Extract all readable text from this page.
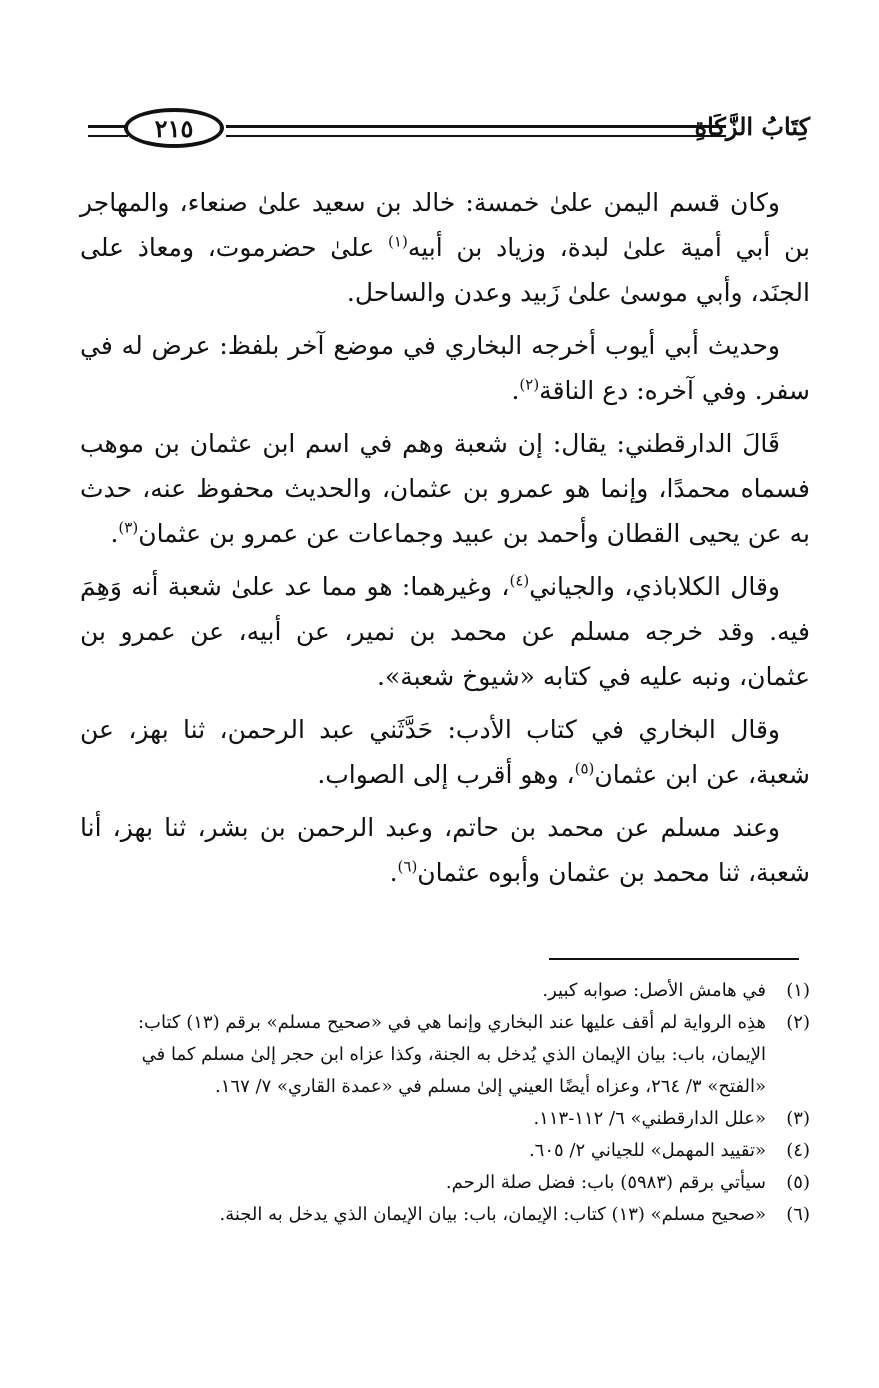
كِتَابُ الزَّكَاةِ
٢١٥

وكان قسم اليمن علىٰ خمسة: خالد بن سعيد علىٰ صنعاء، والمهاجر بن أبي أمية علىٰ لبدة، وزياد بن أبيه$^{(١)}$ علىٰ حضرموت، ومعاذ على الجنَد، وأبي موسىٰ علىٰ زَبيد وعدن والساحل.

وحديث أبي أيوب أخرجه البخاري في موضع آخر بلفظ: عرض له في سفر. وفي آخره: دع الناقة$^{(٢)}$.

قَالَ الدارقطني: يقال: إن شعبة وهم في اسم ابن عثمان بن موهب فسماه محمدًا، وإنما هو عمرو بن عثمان، والحديث محفوظ عنه، حدث به عن يحيى القطان وأحمد بن عبيد وجماعات عن عمرو بن عثمان$^{(٣)}$.

وقال الكلاباذي، والجياني$^{(٤)}$، وغيرهما: هو مما عد علىٰ شعبة أنه وَهِمَ فيه. وقد خرجه مسلم عن محمد بن نمير، عن أبيه، عن عمرو بن عثمان، ونبه عليه في كتابه «شيوخ شعبة».

وقال البخاري في كتاب الأدب: حَدَّثَني عبد الرحمن، ثنا بهز، عن شعبة، عن ابن عثمان$^{(٥)}$، وهو أقرب إلى الصواب.

وعند مسلم عن محمد بن حاتم، وعبد الرحمن بن بشر، ثنا بهز، أنا شعبة، ثنا محمد بن عثمان وأبوه عثمان$^{(٦)}$.

(١)
في هامش الأصل: صوابه كبير.

(٢)
هذِه الرواية لم أقف عليها عند البخاري وإنما هي في «صحيح مسلم» برقم (١٣) كتاب: الإيمان، باب: بيان الإيمان الذي يُدخل به الجنة، وكذا عزاه ابن حجر إلىٰ مسلم كما في «الفتح» ٣/ ٢٦٤، وعزاه أيضًا العيني إلىٰ مسلم في «عمدة القاري» ٧/ ١٦٧.

(٣)
«علل الدارقطني» ٦/ ١١٢-١١٣.

(٤)
«تقييد المهمل» للجياني ٢/ ٦٠٥.

(٥)
سيأتي برقم (٥٩٨٣) باب: فضل صلة الرحم.

(٦)
«صحيح مسلم» (١٣) كتاب: الإيمان، باب: بيان الإيمان الذي يدخل به الجنة.
